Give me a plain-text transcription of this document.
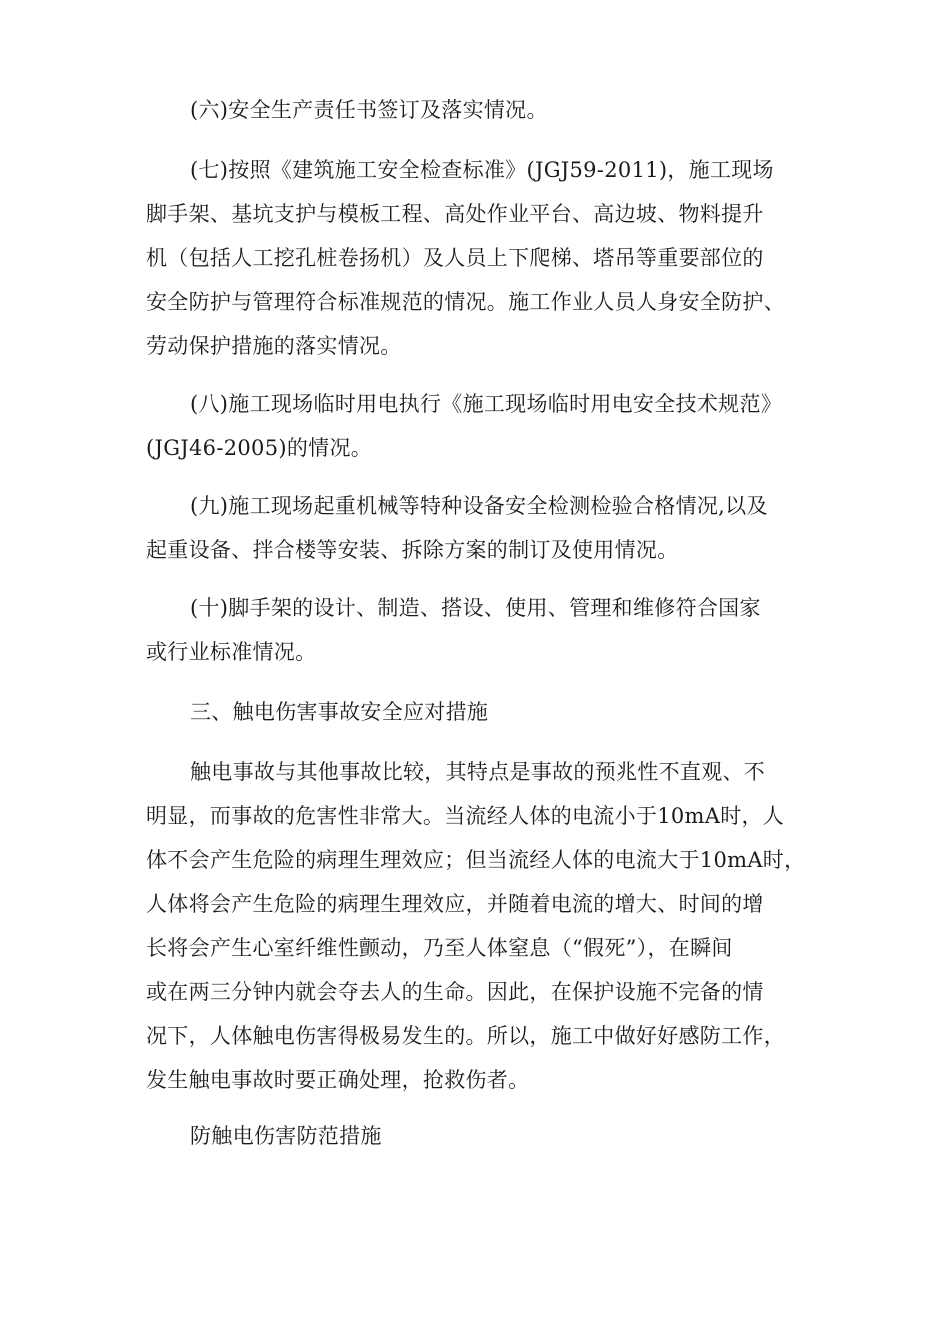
(六)安全生产责任书签订及落实情况。
(七)按照《建筑施工安全检查标准》(JGJ59-2011)，施工现场
脚手架、基坑支护与模板工程、高处作业平台、高边坡、物料提升
机（包括人工挖孔桩卷扬机）及人员上下爬梯、塔吊等重要部位的
安全防护与管理符合标准规范的情况。施工作业人员人身安全防护、
劳动保护措施的落实情况。
(八)施工现场临时用电执行《施工现场临时用电安全技术规范》
(JGJ46-2005)的情况。
(九)施工现场起重机械等特种设备安全检测检验合格情况,以及
起重设备、拌合楼等安装、拆除方案的制订及使用情况。
(十)脚手架的设计、制造、搭设、使用、管理和维修符合国家
或行业标准情况。
三、触电伤害事故安全应对措施
触电事故与其他事故比较，其特点是事故的预兆性不直观、不
明显，而事故的危害性非常大。当流经人体的电流小于10mA时，人
体不会产生危险的病理生理效应；但当流经人体的电流大于10mA时，
人体将会产生危险的病理生理效应，并随着电流的增大、时间的增
长将会产生心室纤维性颤动，乃至人体窒息（“假死”），在瞬间
或在两三分钟内就会夺去人的生命。因此，在保护设施不完备的情
况下，人体触电伤害得极易发生的。所以，施工中做好好感防工作，
发生触电事故时要正确处理，抢救伤者。
防触电伤害防范措施
